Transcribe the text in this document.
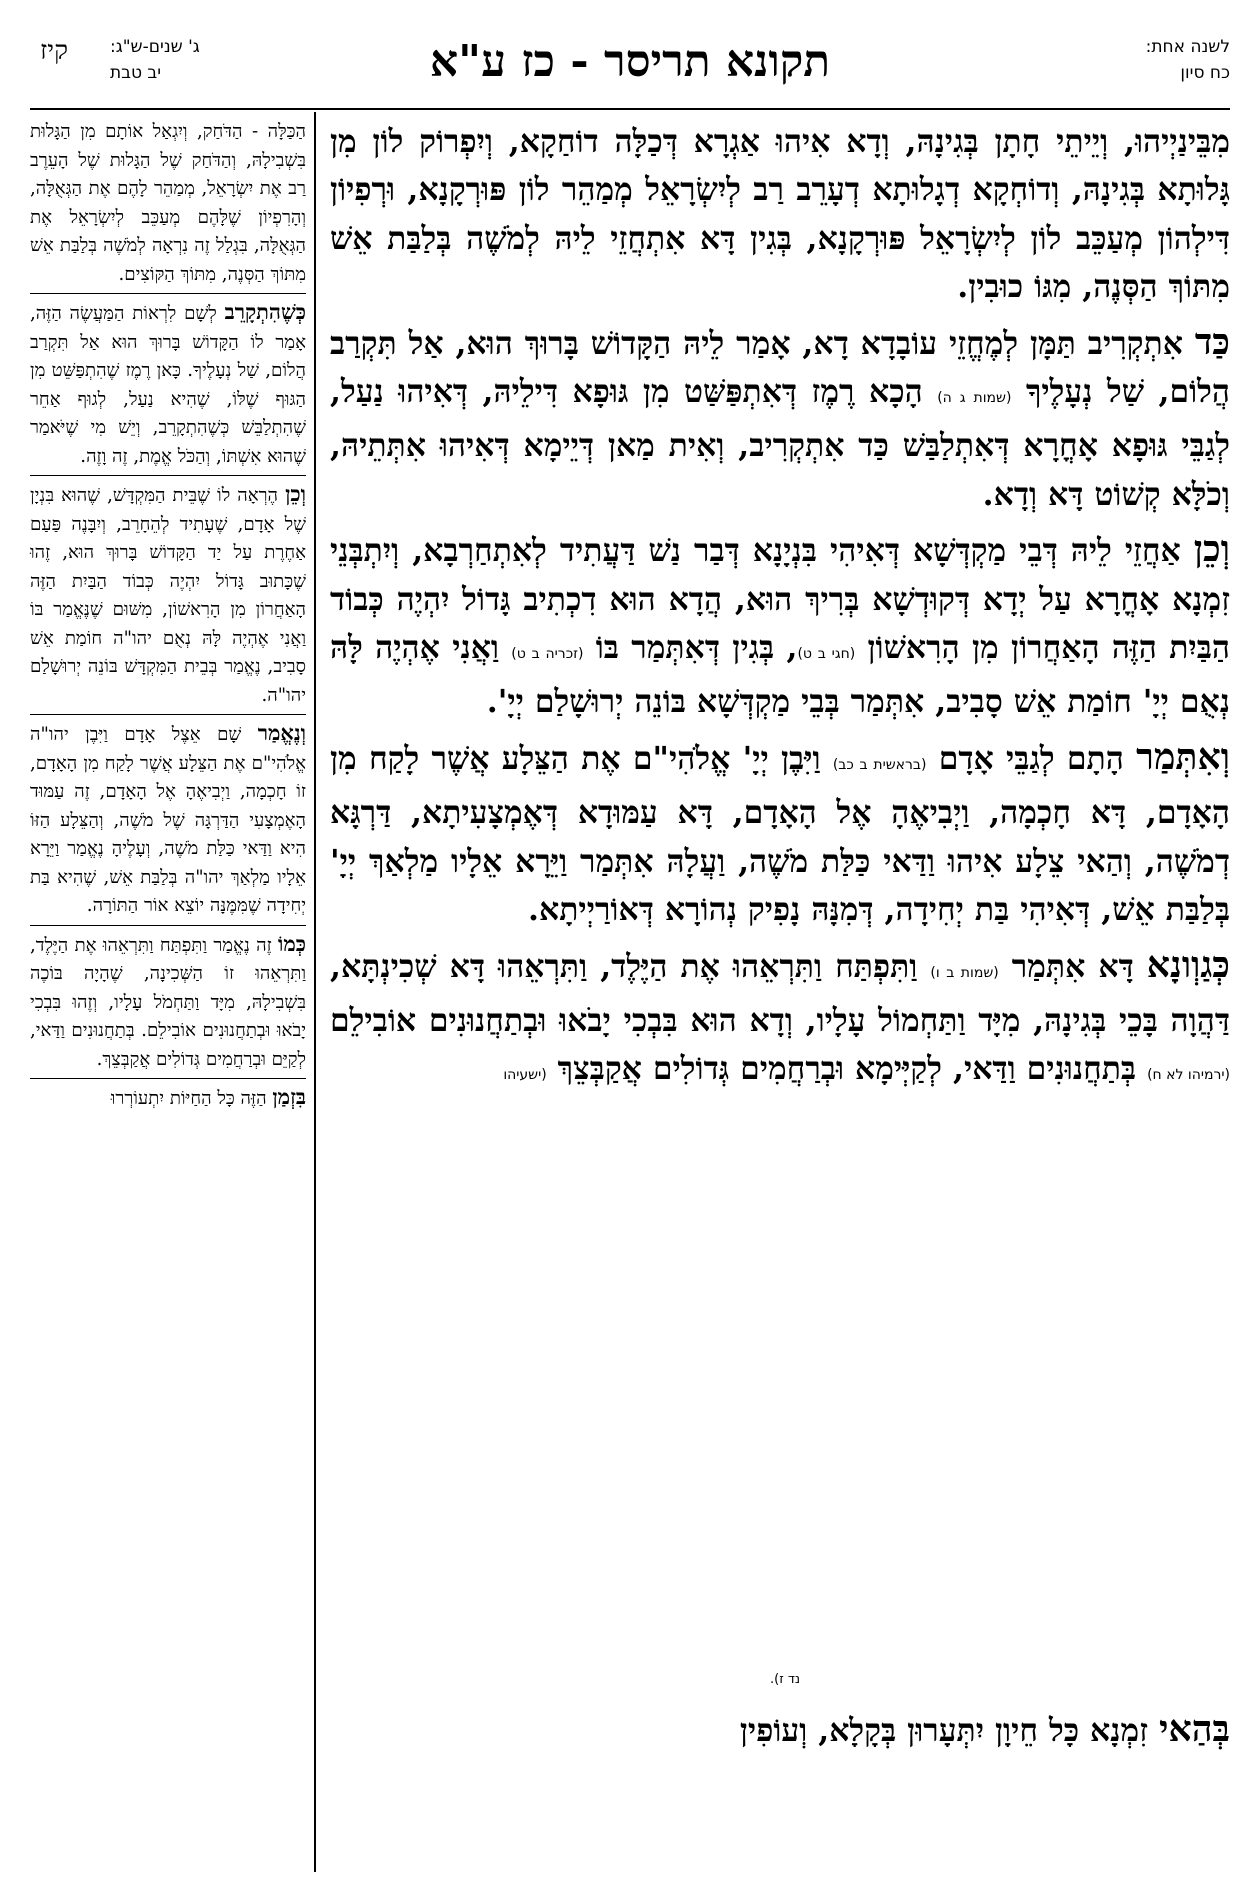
לשנה אחת:
כח סיון
תקונא תריסר - כז ע"א
קיז ג' שנים-ש"ג:
יב טבת

מִבֵּינַיְיהוּ, וְיֵיתֵי חָתָן בְּגִינָהּ, וְדָא אִיהוּ אַגְרָא דְּכַלָּה דוֹחַקָא, וְיִפְרוֹק לוֹן מִן גָּלוּתָא בְּגִינָהּ, וְדוֹחְקָא דְגָלוּתָא דְעָרֵב רַב לְיִשְׂרָאֵל מְמַהֵר לוֹן פּוּרְקָנָא, וּרְפִיוֹן דִּילְהוֹן מְעַכֵּב לוֹן לְיִשְׂרָאֵל פּוּרְקָנָא, בְּגִין דָּא אִתְחֲזֵי לֵיהּ לְמֹשֶׁה בְּלַבַּת אֵשׁ מִתּוֹךְ הַסְּנֶה, מִגּוֹ כוּבִין.

כַּד אִתְקְרִיב תַּמָּן לְמֶחֱזֵי עוֹבָדָא דָא, אָמַר לֵיהּ הַקָּדוֹשׁ בָּרוּךְ הוּא, אַל תִּקְרַב הֲלוֹם, שַׁל נְעָלֶיךָ (שמות ג ה) הָכָא רֶמֶז דְּאִתְפַּשַּׁט מִן גּוּפָא דִּילֵיהּ, דְּאִיהוּ נַעַל, לְגַבֵּי גּוּפָא אָחֳרָא דְּאִתְלַבַּשׁ כַּד אִתְקְרִיב, וְאִית מַאן דְּיֵימָא דְּאִיהוּ אִתְּתֵיהּ, וְכֹלָּא קְשׁוֹט דָּא וְדָא.

וְכֵן אַחֲזֵי לֵיהּ דְּבֵי מַקְדְּשָׁא דְּאִיהִי בִּנְיָנָא דְּבַר נַשׁ דַּעֲתִיד לְאִתְחַרְבָא, וְיִתְבְּנֵי זִמְנָא אָחֳרָא עַל יְדָא דְּקוּדְשָׁא בְּרִיךְ הוּא, הֲדָא הוּא דִכְתִיב גָּדוֹל יִהְיֶה כְּבוֹד הַבַּיִת הַזֶּה הָאַחֲרוֹן מִן הָרִאשׁוֹן (חגי ב ט), בְּגִין דְּאִתְּמַר בּוֹ (זכריה ב ט) וַאֲנִי אֶהְיֶה לָּהּ נְאֻם יְיָ' חוֹמַת אֵשׁ סָבִיב, אִתְּמַר בְּבֵי מַקְדְּשָׁא בּוֹנֵה יְרוּשָׁלַם יְיָ'.

וְאִתְּמַר הָתָם לְגַבֵּי אָדָם (בראשית ב כב) וַיִּבֶן יְיָ' אֱלֹהִי"ם אֶת הַצֵּלָע אֲשֶׁר לָקַח מִן הָאָדָם, דָּא חָכְמָה, וַיְבִיאֶהָ אֶל הָאָדָם, דָּא עַמּוּדָא דְּאֶמְצָעִיתָא, דַּרְגָּא דְמֹשֶׁה, וְהַאי צֵלָע אִיהוּ וַדַּאי כַּלַּת מֹשֶׁה, וַעֲלָהּ אִתְּמַר וַיֵּרָא אֵלָיו מַלְאַךְ יְיָ' בְּלַבַּת אֵשׁ, דְּאִיהִי בַּת יְחִידָה, דְּמִנָּהּ נָפִיק נְהוֹרָא דְּאוֹרַיְיתָא.

כְּגַוְונָא דָּא אִתְּמַר (שמות ב ו) וַתִּפְתַּח וַתִּרְאֵהוּ אֶת הַיֶּלֶד, וַתִּרְאֵהוּ דָּא שְׁכִינְתָּא, דַּהֲוָה בָּכֵי בְּגִינָהּ, מִיָּד וַתַּחְמוֹל עָלָיו, וְדָא הוּא בִּבְכִי יָבֹאוּ וּבְתַחֲנוּנִים אוֹבִילֵם (ירמיהו לא ח) בְּתַחֲנוּנִים וַדַּאי, לְקַיְּימָא וּבְרַחֲמִים גְּדוֹלִים אֲקַבְּצֵךְ (ישעיהו

נד ז).

בְּהַאי זִמְנָא כָּל חֵיוָן יִתְּעָרוּן בְּקָלָא, וְעוֹפִין

הַכַּלָּה - הַדֹּחַק, וְיִגְאַל אוֹתָם מִן הַגָּלוּת בִּשְׁבִילָהּ, וְהַדֹּחַק שֶׁל הַגָּלוּת שֶׁל הָעֵרֶב רַב אֶת יִשְׂרָאֵל, מְמַהֵר לָהֶם אֶת הַגְּאֻלָּה, וְהָרִפְיוֹן שֶׁלָּהֶם מְעַכֵּב לְיִשְׂרָאֵל אֶת הַגְּאֻלָּה, בִּגְלַל זֶה נִרְאָה לְמֹשֶׁה בְּלַבַּת אֵשׁ מִתּוֹךְ הַסְּנֶה, מִתּוֹךְ הַקּוֹצִים.

כְּשֶׁהִתְקָרֵב לְשָׁם לִרְאוֹת הַמַּעֲשֶׂה הַזֶּה, אָמַר לוֹ הַקָּדוֹשׁ בָּרוּךְ הוּא אַל תִּקְרַב הֲלוֹם, שַׁל נְעָלֶיךָ. כָּאן רֶמֶז שֶׁהִתְפַּשֵּׁט מִן הַגּוּף שֶׁלּוֹ, שֶׁהִיא נַעַל, לְגוּף אַחֵר שֶׁהִתְלַבֵּשׁ כְּשֶׁהִתְקָרֵב, וְיֵשׁ מִי שֶׁיֹּאמַר שֶׁהוּא אִשְׁתּוֹ, וְהַכֹּל אֱמֶת, זֶה וָזֶה.

וְכֵן הֶרְאָה לוֹ שֶׁבֵּית הַמִּקְדָּשׁ, שֶׁהוּא בִּנְיָן שֶׁל אָדָם, שֶׁעָתִיד לְהֵחָרֵב, וְיִבָּנֶה פַּעַם אַחֶרֶת עַל יַד הַקָּדוֹשׁ בָּרוּךְ הוּא, זֶהוּ שֶׁכָּתוּב גָּדוֹל יִהְיֶה כְּבוֹד הַבַּיִת הַזֶּה הָאַחֲרוֹן מִן הָרִאשׁוֹן, מִשּׁוּם שֶׁנֶּאֱמַר בּוֹ וַאֲנִי אֶהְיֶה לָּהּ נְאֻם יהו"ה חוֹמַת אֵשׁ סָבִיב, נֶאֱמַר בְּבֵית הַמִּקְדָּשׁ בּוֹנֵה יְרוּשָׁלַם יהו"ה.

וְנֶאֱמַר שָׁם אֵצֶל אָדָם וַיִּבֶן יהו"ה אֱלֹהִי"ם אֶת הַצֵּלָע אֲשֶׁר לָקַח מִן הָאָדָם, זוֹ חָכְמָה, וַיְבִיאֶהָ אֶל הָאָדָם, זֶה עַמּוּד הָאֶמְצָעִי הַדַּרְגָּה שֶׁל מֹשֶׁה, וְהַצֵּלָע הַזּוֹ הִיא וַדַּאי כַּלַּת מֹשֶׁה, וְעָלֶיהָ נֶאֱמַר וַיֵּרָא אֵלָיו מַלְאַךְ יהו"ה בְּלַבַּת אֵשׁ, שֶׁהִיא בַּת יְחִידָה שֶׁמִּמֶּנָּה יוֹצֵא אוֹר הַתּוֹרָה.

כְּמוֹ זֶה נֶאֱמַר וַתִּפְתַּח וַתִּרְאֵהוּ אֶת הַיֶּלֶד, וַתִּרְאֵהוּ זוֹ הַשְּׁכִינָה, שֶׁהָיָה בּוֹכֶה בִּשְׁבִילָהּ, מִיָּד וַתַּחְמֹל עָלָיו, וְזֶהוּ בִּבְכִי יָבֹאוּ וּבְתַחֲנוּנִים אוֹבִילֵם. בְּתַחֲנוּנִים וַדַּאי, לְקַיֵּם וּבְרַחֲמִים גְּדוֹלִים אֲקַבְּצֵךְ.

בִּזְמַן הַזֶּה כָּל הַחַיּוֹת יִתְעוֹרְרוּ
